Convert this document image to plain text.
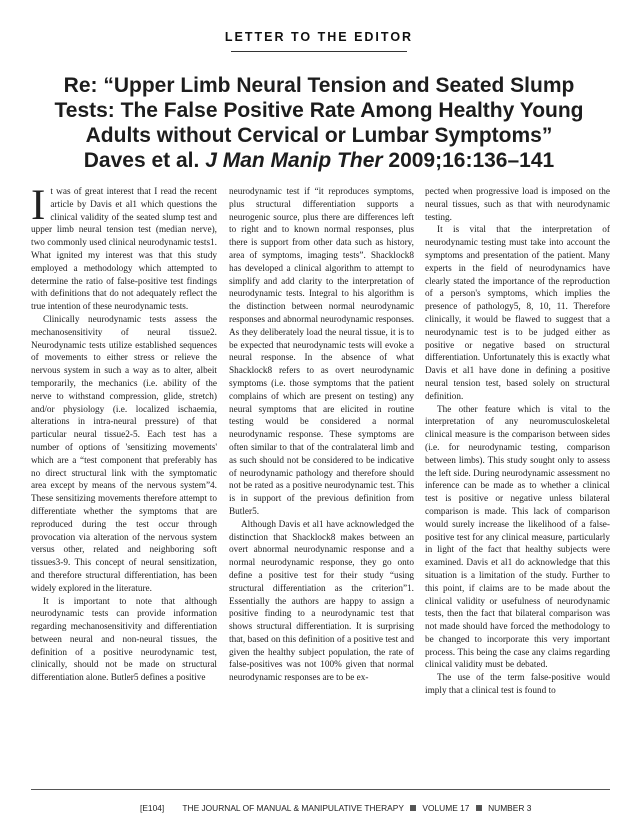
LETTER TO THE EDITOR
Re: “Upper Limb Neural Tension and Seated Slump
Tests: The False Positive Rate Among Healthy Young
Adults without Cervical or Lumbar Symptoms”
Daves et al. J Man Manip Ther 2009;16:136–141
I t was of great interest that I read the recent article by Davis et al1 which questions the clinical validity of the seated slump test and upper limb neural tension test (median nerve), two commonly used clinical neurodynamic tests1. What ignited my interest was that this study employed a methodology which attempted to determine the ratio of false-positive test findings with definitions that do not adequately reflect the true intention of these neurodynamic tests.

Clinically neurodynamic tests assess the mechanosensitivity of neural tissue2. Neurodynamic tests utilize established sequences of movements to either stress or relieve the nervous system in such a way as to alter, albeit temporarily, the mechanics (i.e. ability of the nerve to withstand compression, glide, stretch) and/or physiology (i.e. localized ischaemia, alterations in intra-neural pressure) of that particular neural tissue2-5. Each test has a number of options of 'sensitizing movements' which are a “test component that preferably has no direct structural link with the symptomatic area except by means of the nervous system”4. These sensitizing movements therefore attempt to differentiate whether the symptoms that are reproduced during the test occur through provocation via alteration of the nervous system versus other, related and neighboring soft tissues3-9. This concept of neural sensitization, and therefore structural differentiation, has been widely explored in the literature.

It is important to note that although neurodynamic tests can provide information regarding mechanosensitivity and differentiation between neural and non-neural tissues, the definition of a positive neurodynamic test, clinically, should not be made on structural differentiation alone. Butler5 defines a positive

neurodynamic test if “it reproduces symptoms, plus structural differentiation supports a neurogenic source, plus there are differences left to right and to known normal responses, plus there is support from other data such as history, area of symptoms, imaging tests”. Shacklock8 has developed a clinical algorithm to attempt to simplify and add clarity to the interpretation of neurodynamic tests. Integral to his algorithm is the distinction between normal neurodynamic responses and abnormal neurodynamic responses. As they deliberately load the neural tissue, it is to be expected that neurodynamic tests will evoke a neural response. In the absence of what Shacklock8 refers to as overt neurodynamic symptoms (i.e. those symptoms that the patient complains of which are present on testing) any neural symptoms that are elicited in routine testing would be considered a normal neurodynamic response. These symptoms are often similar to that of the contralateral limb and as such should not be considered to be indicative of neurodynamic pathology and therefore should not be rated as a positive neurodynamic test. This is in support of the previous definition from Butler5.

Although Davis et al1 have acknowledged the distinction that Shacklock8 makes between an overt abnormal neurodynamic response and a normal neurodynamic response, they go onto define a positive test for their study “using structural differentiation as the criterion”1. Essentially the authors are happy to assign a positive finding to a neurodynamic test that shows structural differentiation. It is surprising that, based on this definition of a positive test and given the healthy subject population, the rate of false-positives was not 100% given that normal neurodynamic responses are to be ex-

pected when progressive load is imposed on the neural tissues, such as that with neurodynamic testing.

It is vital that the interpretation of neurodynamic testing must take into account the symptoms and presentation of the patient. Many experts in the field of neurodynamics have clearly stated the importance of the reproduction of a person's symptoms, which implies the presence of pathology5, 8, 10, 11. Therefore clinically, it would be flawed to suggest that a neurodynamic test is to be judged either as positive or negative based on structural differentiation. Unfortunately this is exactly what Davis et al1 have done in defining a positive neural tension test, based solely on structural definition.

The other feature which is vital to the interpretation of any neuromusculoskeletal clinical measure is the comparison between sides (i.e. for neurodynamic testing, comparison between limbs). This study sought only to assess the left side. During neurodynamic assessment no inference can be made as to whether a clinical test is positive or negative unless bilateral comparison is made. This lack of comparison would surely increase the likelihood of a false-positive test for any clinical measure, particularly in light of the fact that healthy subjects were examined. Davis et al1 do acknowledge that this situation is a limitation of the study. Further to this point, if claims are to be made about the clinical validity or usefulness of neurodynamic tests, then the fact that bilateral comparison was not made should have forced the methodology to be changed to incorporate this very important process. This being the case any claims regarding clinical validity must be debated.

The use of the term false-positive would imply that a clinical test is found to

[E104] THE JOURNAL OF MANUAL & MANIPULATIVE THERAPY VOLUME 17 NUMBER 3
